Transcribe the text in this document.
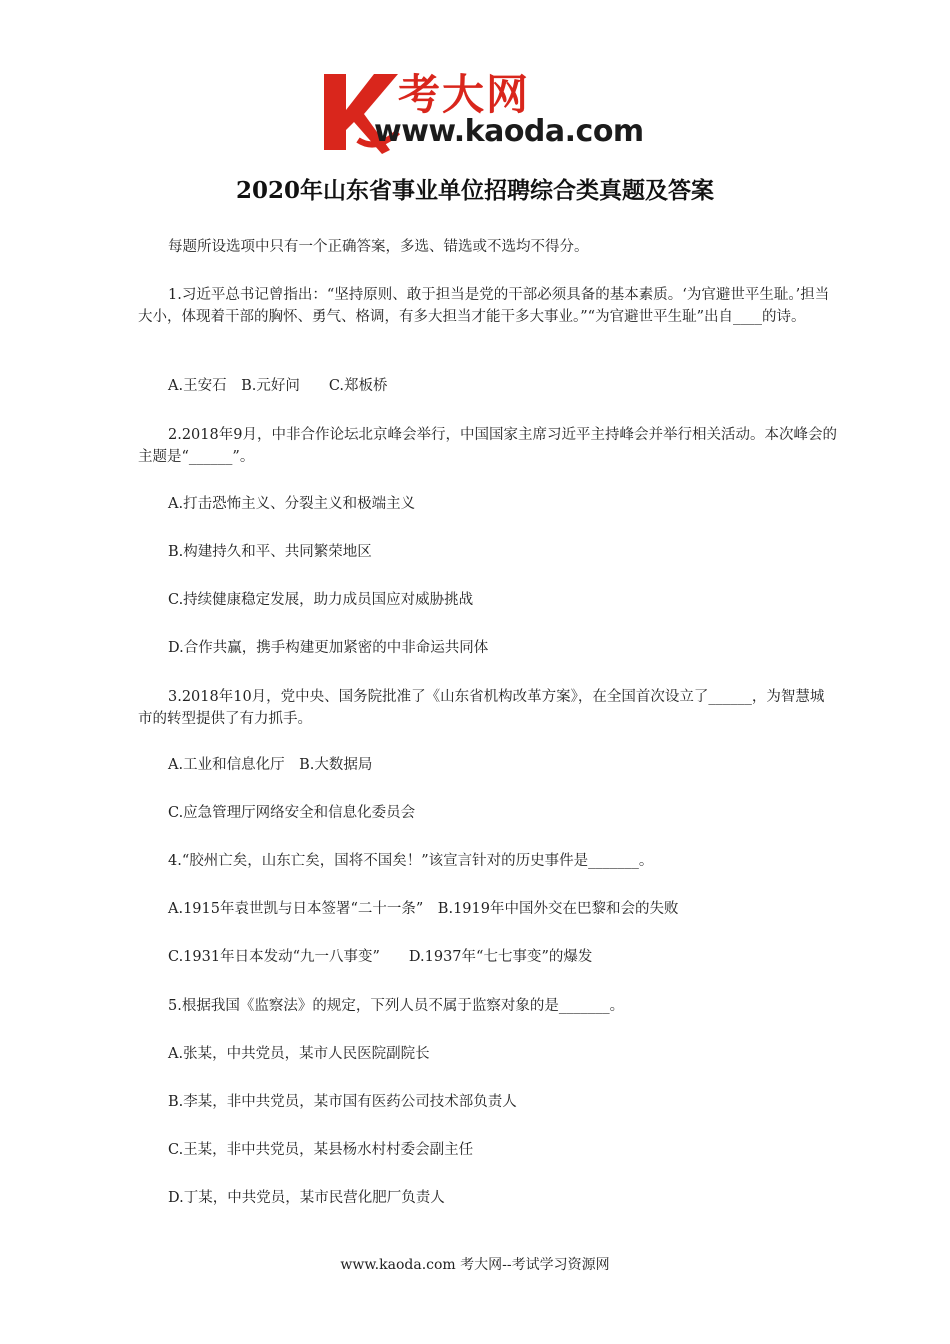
考大网
www.kaoda.com
2020年山东省事业单位招聘综合类真题及答案

每题所设选项中只有一个正确答案，多选、错选或不选均不得分。

1.习近平总书记曾指出：“坚持原则、敢于担当是党的干部必须具备的基本素质。‘为官避世平生耻。’担当大小，体现着干部的胸怀、勇气、格调，有多大担当才能干多大事业。”“为官避世平生耻”出自____的诗。

A.王安石　B.元好问　　C.郑板桥

2.2018年9月，中非合作论坛北京峰会举行，中国国家主席习近平主持峰会并举行相关活动。本次峰会的主题是“______”。

A.打击恐怖主义、分裂主义和极端主义

B.构建持久和平、共同繁荣地区

C.持续健康稳定发展，助力成员国应对威胁挑战

D.合作共赢，携手构建更加紧密的中非命运共同体

3.2018年10月，党中央、国务院批准了《山东省机构改革方案》，在全国首次设立了______，为智慧城市的转型提供了有力抓手。

A.工业和信息化厅　B.大数据局

C.应急管理厅网络安全和信息化委员会

4.“胶州亡矣，山东亡矣，国将不国矣！”该宣言针对的历史事件是_______。

A.1915年袁世凯与日本签署“二十一条”　B.1919年中国外交在巴黎和会的失败

C.1931年日本发动“九一八事变”　　D.1937年“七七事变”的爆发

5.根据我国《监察法》的规定，下列人员不属于监察对象的是_______。

A.张某，中共党员，某市人民医院副院长

B.李某，非中共党员，某市国有医药公司技术部负责人

C.王某，非中共党员，某县杨水村村委会副主任

D.丁某，中共党员，某市民营化肥厂负责人

www.kaoda.com 考大网--考试学习资源网
